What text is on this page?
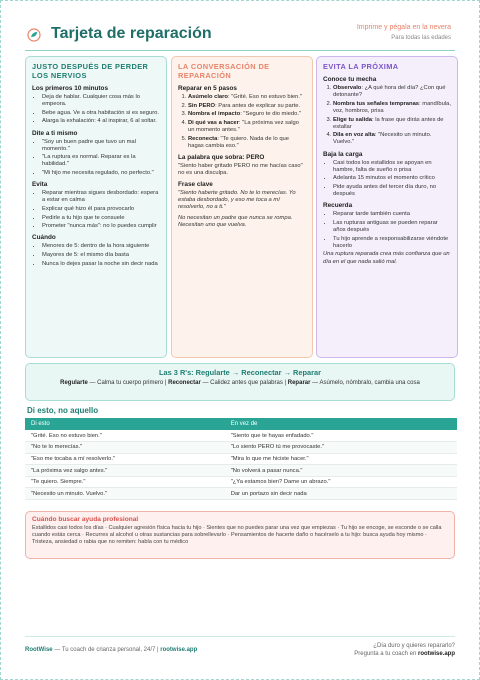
Tarjeta de reparación	Imprime y pégala en la nevera
Para todas las edades
JUSTO DESPUÉS DE PERDER LOS NERVIOS
Los primeros 10 minutos
• Deja de hablar. Cualquier cosa más lo empeora.
• Bebe agua. Ve a otra habitación si es seguro.
• Alarga la exhalación: 4 al inspirar, 6 al soltar.
Dite a ti mismo
• "Soy un buen padre que tuvo un mal momento."
• "La ruptura es normal. Reparar es la habilidad."
• "Mi hijo me necesita regulado, no perfecto."
Evita
• Reparar mientras sigues desbordado: espera a estar en calma
• Explicar qué hizo él para provocarlo
• Pedirle a tu hijo que te consuele
• Prometer "nunca más": no lo puedes cumplir
Cuándo
• Menores de 5: dentro de la hora siguiente
• Mayores de 5: el mismo día basta
• Nunca lo dejes pasar la noche sin decir nada
LA CONVERSACIÓN DE REPARACIÓN
Reparar en 5 pasos
1. Asúmelo claro: "Grité. Eso no estuvo bien."
2. Sin PERO: Para antes de explicar su parte.
3. Nombra el impacto: "Seguro te dio miedo."
4. Di qué vas a hacer: "La próxima vez salgo un momento antes."
5. Reconecta: "Te quiero. Nada de lo que hagas cambia eso."
La palabra que sobra: PERO
"Siento haber gritado PERO no me hacías caso" no es una disculpa.
Frase clave
"Siento haberte gritado. No te lo merecías. Yo estaba desbordado, y eso me toca a mí resolverlo, no a ti."
No necesitan un padre que nunca se rompa. Necesitan uno que vuelva.
EVITA LA PRÓXIMA
Conoce tu mecha
1. Observalo: ¿A qué hora del día? ¿Con qué detonante?
2. Nombra tus señales tempranas: mandíbula, voz, hombros, prisa
3. Elige tu salida: la frase que dirás antes de estallar
4. Dila en voz alta: "Necesito un minuto. Vuelvo."
Baja la carga
• Casi todos los estallidos se apoyan en hambre, falta de sueño o prisa
• Adelanta 15 minutos el momento crítico
• Pide ayuda antes del tercer día duro, no después
Recuerda
• Reparar tarde también cuenta
• Las rupturas antiguas se pueden reparar años después
• Tu hijo aprende a responsabilizarse viéndote hacerlo
Una ruptura reparada crea más confianza que un día en el que nada salió mal.
Las 3 R's: Regularte → Reconectar → Reparar
Regularte — Calma tu cuerpo primero | Reconectar — Calidez antes que palabras | Reparar — Asúmelo, nómbralo, cambia una cosa
Di esto, no aquello
Di esto	En vez de
"Grité. Eso no estuvo bien."	"Siento que te hayas enfadado."
"No te lo merecías."	"Lo siento PERO tú me provocaste."
"Eso me tocaba a mí resolverlo."	"Mira lo que me hiciste hacer."
"La próxima vez salgo antes."	"No volverá a pasar nunca."
"Te quiero. Siempre."	"¿Ya estamos bien? Dame un abrazo."
"Necesito un minuto. Vuelvo."	Dar un portazo sin decir nada
Cuándo buscar ayuda profesional
Estallidos casi todos los días · Cualquier agresión física hacia tu hijo · Sientes que no puedes parar una vez que empiezas · Tu hijo se encoge, se esconde o se calla cuando estás cerca · Recurres al alcohol u otras sustancias para sobrellevarlo · Pensamientos de hacerte daño o hacérselo a tu hijo: busca ayuda hoy mismo · Tristeza, ansiedad o rabia que no remiten: habla con tu médico
RootWise — Tu coach de crianza personal, 24/7 | rootwise.app
¿Día duro y quieres repararlo?
Pregunta a tu coach en rootwise.app
